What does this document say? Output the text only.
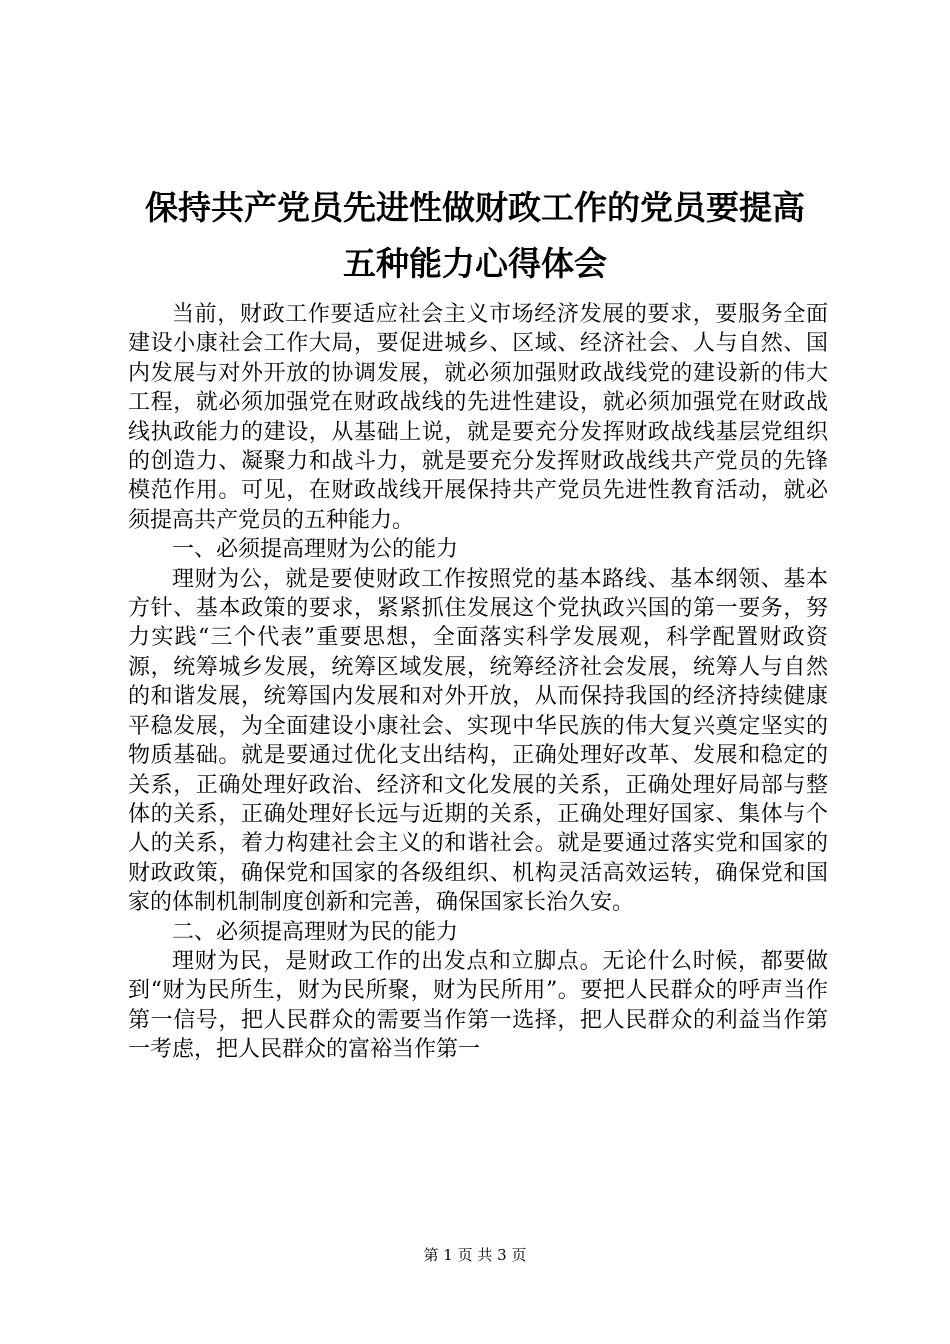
保持共产党员先进性做财政工作的党员要提高
五种能力心得体会

当前，财政工作要适应社会主义市场经济发展的要求，要服务全面建设小康社会工作大局，要促进城乡、区域、经济社会、人与自然、国内发展与对外开放的协调发展，就必须加强财政战线党的建设新的伟大工程，就必须加强党在财政战线的先进性建设，就必须加强党在财政战线执政能力的建设，从基础上说，就是要充分发挥财政战线基层党组织的创造力、凝聚力和战斗力，就是要充分发挥财政战线共产党员的先锋模范作用。可见，在财政战线开展保持共产党员先进性教育活动，就必须提高共产党员的五种能力。

一、必须提高理财为公的能力

理财为公，就是要使财政工作按照党的基本路线、基本纲领、基本方针、基本政策的要求，紧紧抓住发展这个党执政兴国的第一要务，努力实践“三个代表”重要思想，全面落实科学发展观，科学配置财政资源，统筹城乡发展，统筹区域发展，统筹经济社会发展，统筹人与自然的和谐发展，统筹国内发展和对外开放，从而保持我国的经济持续健康平稳发展，为全面建设小康社会、实现中华民族的伟大复兴奠定坚实的物质基础。就是要通过优化支出结构，正确处理好改革、发展和稳定的关系，正确处理好政治、经济和文化发展的关系，正确处理好局部与整体的关系，正确处理好长远与近期的关系，正确处理好国家、集体与个人的关系，着力构建社会主义的和谐社会。就是要通过落实党和国家的财政政策，确保党和国家的各级组织、机构灵活高效运转，确保党和国家的体制机制制度创新和完善，确保国家长治久安。

二、必须提高理财为民的能力

理财为民，是财政工作的出发点和立脚点。无论什么时候，都要做到“财为民所生，财为民所聚，财为民所用”。要把人民群众的呼声当作第一信号，把人民群众的需要当作第一选择，把人民群众的利益当作第一考虑，把人民群众的富裕当作第一

第 1 页 共 3 页
